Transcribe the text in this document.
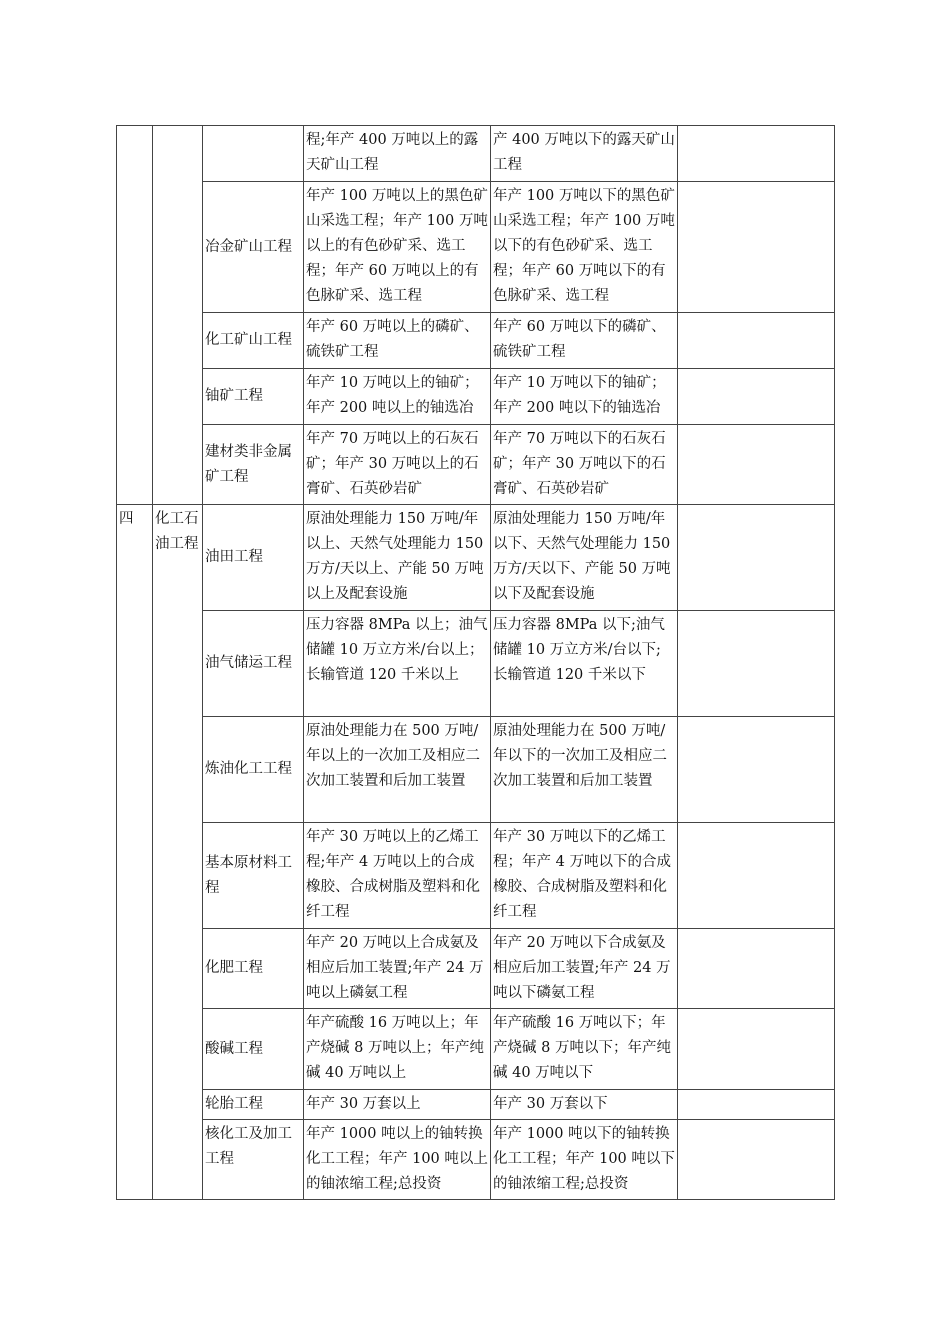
			程;年产 400 万吨以上的露天矿山工程	产 400 万吨以下的露天矿山工程	
		冶金矿山工程	年产 100 万吨以上的黑色矿山采选工程；年产 100 万吨以上的有色砂矿采、选工程；年产 60 万吨以上的有色脉矿采、选工程	年产 100 万吨以下的黑色矿山采选工程；年产 100 万吨以下的有色砂矿采、选工程；年产 60 万吨以下的有色脉矿采、选工程	
		化工矿山工程	年产 60 万吨以上的磷矿、硫铁矿工程	年产 60 万吨以下的磷矿、硫铁矿工程	
		铀矿工程	年产 10 万吨以上的铀矿；年产 200 吨以上的铀选冶	年产 10 万吨以下的铀矿；年产 200 吨以下的铀选冶	
		建材类非金属矿工程	年产 70 万吨以上的石灰石矿；年产 30 万吨以上的石膏矿、石英砂岩矿	年产 70 万吨以下的石灰石矿；年产 30 万吨以下的石膏矿、石英砂岩矿	
四	化工石油工程	油田工程	原油处理能力 150 万吨/年以上、天然气处理能力 150 万方/天以上、产能 50 万吨以上及配套设施	原油处理能力 150 万吨/年以下、天然气处理能力 150 万方/天以下、产能 50 万吨以下及配套设施	
		油气储运工程	压力容器 8MPa 以上；油气储罐 10 万立方米/台以上；长输管道 120 千米以上	压力容器 8MPa 以下;油气储罐 10 万立方米/台以下;长输管道 120 千米以下	
		炼油化工工程	原油处理能力在 500 万吨/年以上的一次加工及相应二次加工装置和后加工装置	原油处理能力在 500 万吨/年以下的一次加工及相应二次加工装置和后加工装置	
		基本原材料工程	年产 30 万吨以上的乙烯工程;年产 4 万吨以上的合成橡胶、合成树脂及塑料和化纤工程	年产 30 万吨以下的乙烯工程；年产 4 万吨以下的合成橡胶、合成树脂及塑料和化纤工程	
		化肥工程	年产 20 万吨以上合成氨及相应后加工装置;年产 24 万吨以上磷氨工程	年产 20 万吨以下合成氨及相应后加工装置;年产 24 万吨以下磷氨工程	
		酸碱工程	年产硫酸 16 万吨以上；年产烧碱 8 万吨以上；年产纯碱 40 万吨以上	年产硫酸 16 万吨以下；年产烧碱 8 万吨以下；年产纯碱 40 万吨以下	
		轮胎工程	年产 30 万套以上	年产 30 万套以下	
		核化工及加工工程	年产 1000 吨以上的铀转换化工工程；年产 100 吨以上的铀浓缩工程;总投资	年产 1000 吨以下的铀转换化工工程；年产 100 吨以下的铀浓缩工程;总投资	
